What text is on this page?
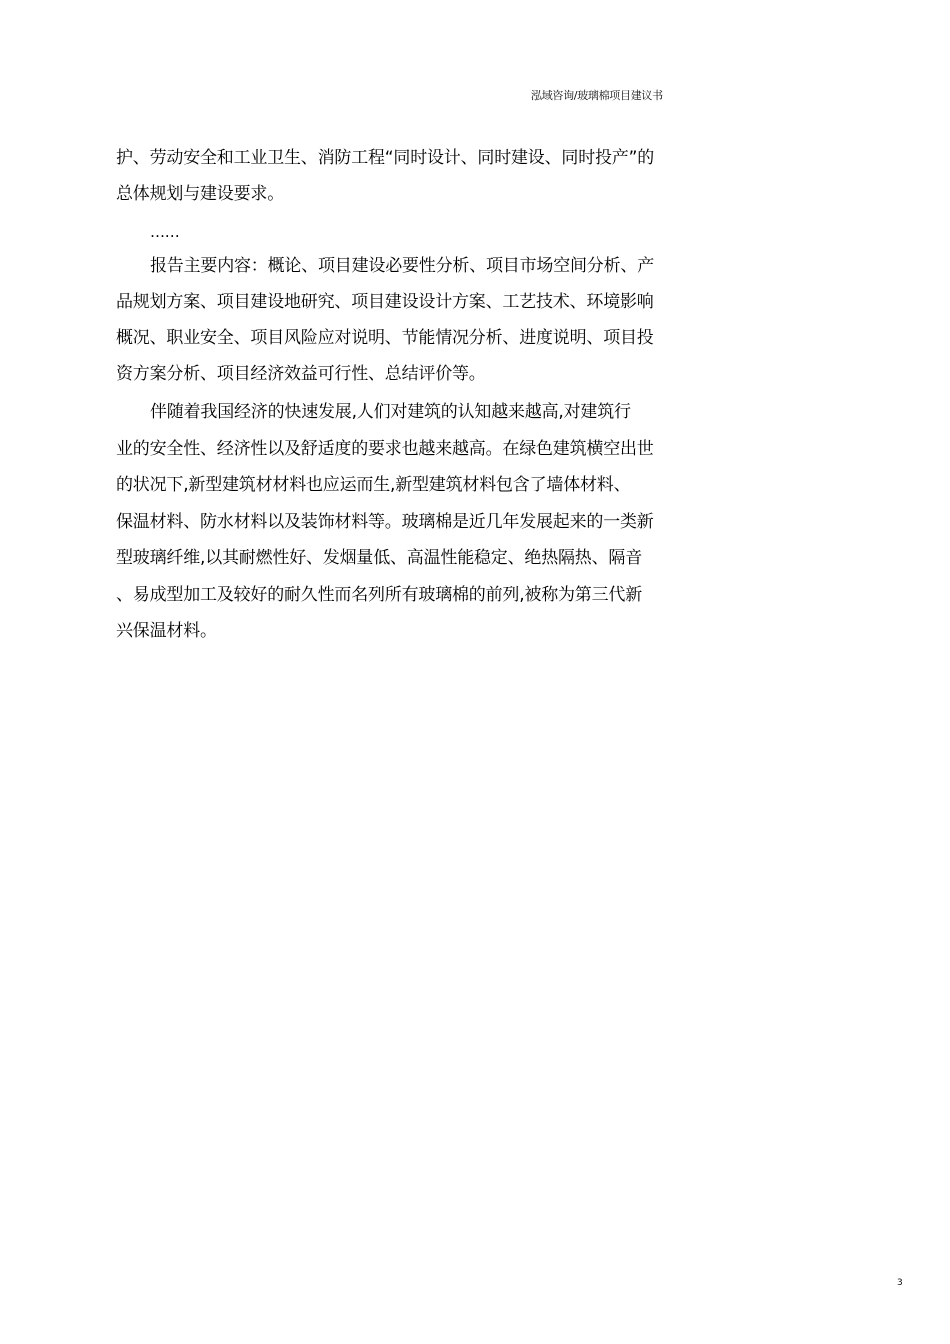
泓域咨询/玻璃棉项目建议书
护、劳动安全和工业卫生、消防工程“同时设计、同时建设、同时投产”的
总体规划与建设要求。
……
报告主要内容：概论、项目建设必要性分析、项目市场空间分析、产
品规划方案、项目建设地研究、项目建设设计方案、工艺技术、环境影响
概况、职业安全、项目风险应对说明、节能情况分析、进度说明、项目投
资方案分析、项目经济效益可行性、总结评价等。
伴随着我国经济的快速发展,人们对建筑的认知越来越高,对建筑行
业的安全性、经济性以及舒适度的要求也越来越高。在绿色建筑横空出世
的状况下,新型建筑材材料也应运而生,新型建筑材料包含了墙体材料、
保温材料、防水材料以及装饰材料等。玻璃棉是近几年发展起来的一类新
型玻璃纤维,以其耐燃性好、发烟量低、高温性能稳定、绝热隔热、隔音
、易成型加工及较好的耐久性而名列所有玻璃棉的前列,被称为第三代新
兴保温材料。
3
